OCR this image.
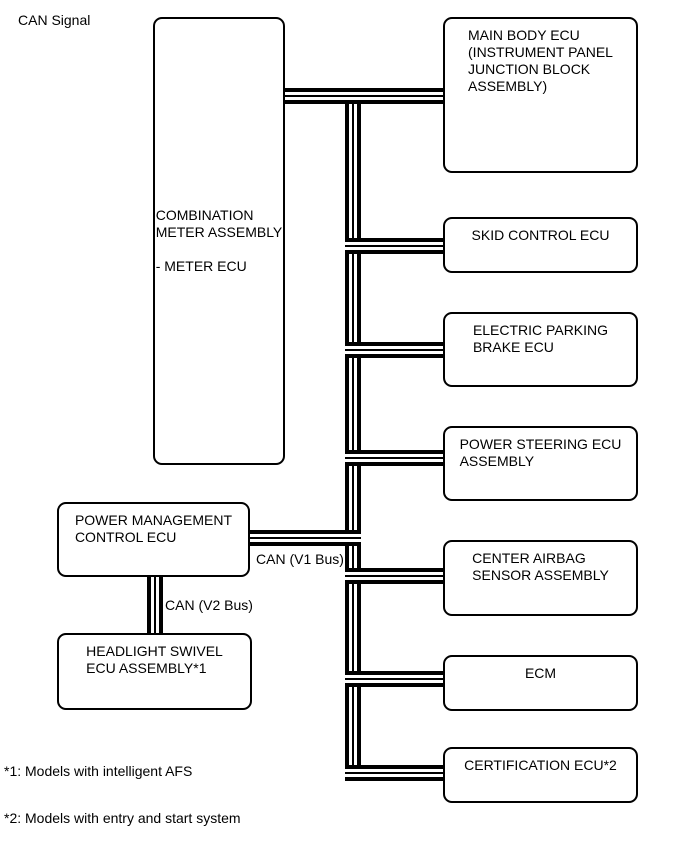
CAN Signal
COMBINATION
METER ASSEMBLY
- METER ECU
POWER MANAGEMENT
CONTROL ECU
HEADLIGHT SWIVEL
ECU ASSEMBLY*1
MAIN BODY ECU
(INSTRUMENT PANEL
JUNCTION BLOCK
ASSEMBLY)
SKID CONTROL ECU
ELECTRIC PARKING
BRAKE ECU
POWER STEERING ECU
ASSEMBLY
CENTER AIRBAG
SENSOR ASSEMBLY
ECM
CERTIFICATION ECU*2
CAN (V1 Bus)
CAN (V2 Bus)
*1: Models with intelligent AFS
*2: Models with entry and start system
